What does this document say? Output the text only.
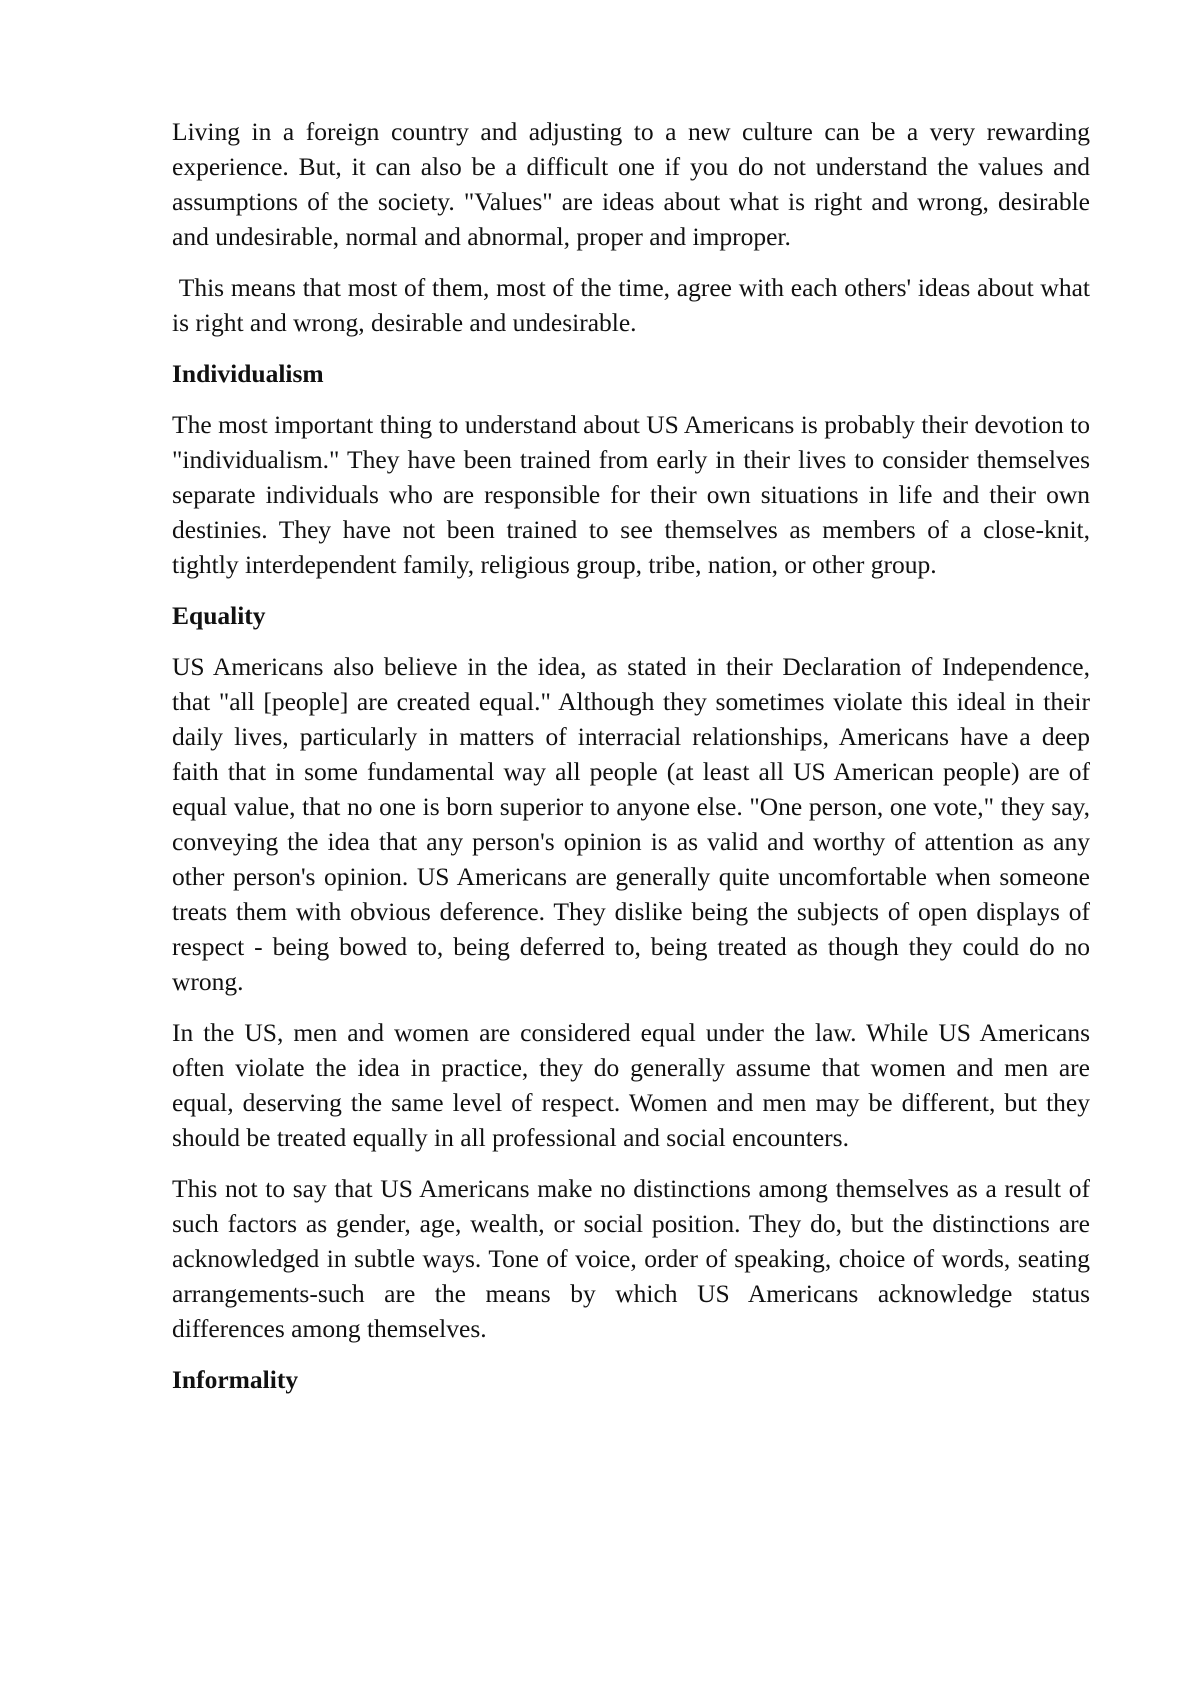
Living in a foreign country and adjusting to a new culture can be a very rewarding experience. But, it can also be a difficult one if you do not understand the values and assumptions of the society. "Values" are ideas about what is right and wrong, desirable and undesirable, normal and abnormal, proper and improper.

This means that most of them, most of the time, agree with each others' ideas about what is right and wrong, desirable and undesirable.

Individualism

The most important thing to understand about US Americans is probably their devotion to "individualism." They have been trained from early in their lives to consider themselves separate individuals who are responsible for their own situations in life and their own destinies. They have not been trained to see themselves as members of a close-knit, tightly interdependent family, religious group, tribe, nation, or other group.

Equality

US Americans also believe in the idea, as stated in their Declaration of Independence, that "all [people] are created equal." Although they sometimes violate this ideal in their daily lives, particularly in matters of interracial relationships, Americans have a deep faith that in some fundamental way all people (at least all US American people) are of equal value, that no one is born superior to anyone else. "One person, one vote," they say, conveying the idea that any person's opinion is as valid and worthy of attention as any other person's opinion. US Americans are generally quite uncomfortable when someone treats them with obvious deference. They dislike being the subjects of open displays of respect - being bowed to, being deferred to, being treated as though they could do no wrong.

In the US, men and women are considered equal under the law. While US Americans often violate the idea in practice, they do generally assume that women and men are equal, deserving the same level of respect. Women and men may be different, but they should be treated equally in all professional and social encounters.

This not to say that US Americans make no distinctions among themselves as a result of such factors as gender, age, wealth, or social position. They do, but the distinctions are acknowledged in subtle ways. Tone of voice, order of speaking, choice of words, seating arrangements-such are the means by which US Americans acknowledge status differences among themselves.

Informality
